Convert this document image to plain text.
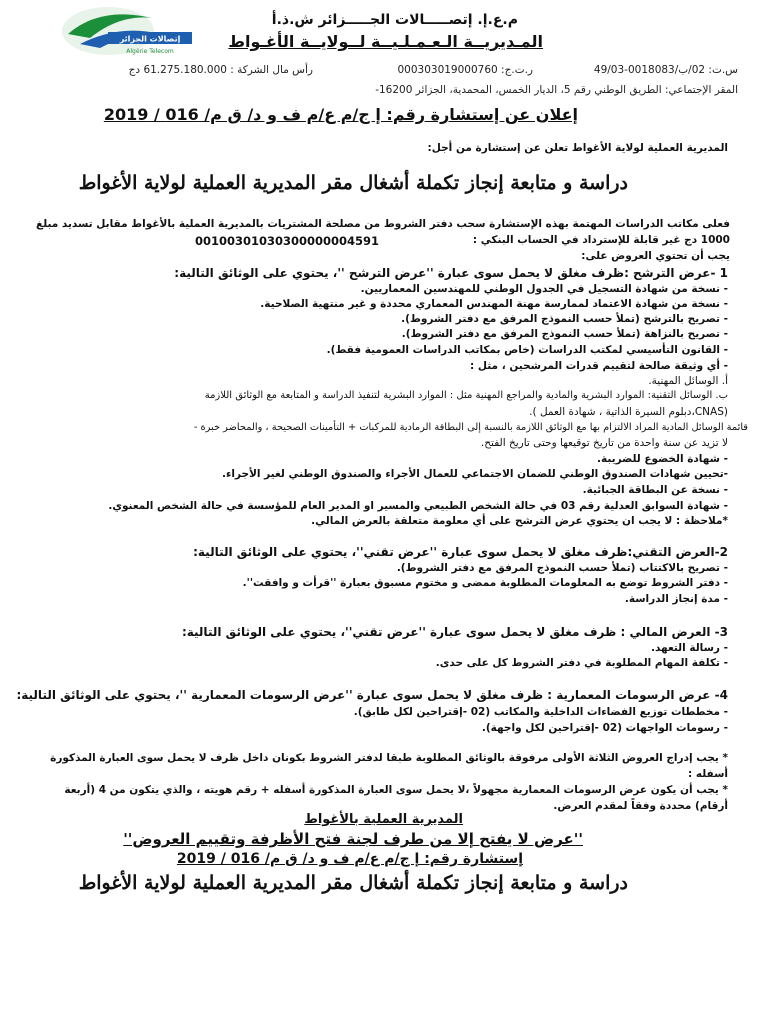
إتصالات الجزائر
Algérie Telecom
م.ع.إ. إتصـــــالات الجـــــزائر ش.ذ.أ
المـديريــة الـعـمـلـيــة لــولايــة الأغـواط
س.ت: 02/ب/0018083-49/03
ر.ت.ج: 000303019000760
رأس مال الشركة : 61.275.180.000 دج
المقر الإجتماعي: الطريق الوطني رقم 5، الديار الخمس، المحمدية، الجزائر 16200-
إعلان عن إستشارة رقم: إ ج/م ع/م ف و د/ ق م/ 016 / 2019
المديرية العملية لولاية الأغواط تعلن عن إستشارة من أجل:
دراسة و متابعة إنجاز تكملة أشغال مقر المديرية العملية لولاية الأغواط
فعلى مكاتب الدراسات المهتمة بهذه الإستشارة سحب دفتر الشروط من مصلحة المشتريات بالمديرية العملية بالأغواط مقابل تسديد مبلغ
1000 دج غير قابلة للإسترداد في الحساب البنكي :
00100301030300000004591
يجب أن تحتوي العروض على:
1 -عرض الترشح :ظرف مغلق لا يحمل سوى عبارة ''عرض الترشح ''، يحتوي على الوثائق التالية:
- نسخة من شهادة التسجيل في الجدول الوطني للمهندسين المعماريين.
- نسخة من شهادة الاعتماد لممارسة مهنة المهندس المعماري محددة و غير منتهية الصلاحية.
- تصريح بالترشح (تملأ حسب النموذج المرفق مع دفتر الشروط).
- تصريح بالنزاهة (تملأ حسب النموذج المرفق مع دفتر الشروط).
- القانون التأسيسي لمكتب الدراسات (خاص بمكاتب الدراسات العمومية فقط).
- أي وثيقة صالحة لتقييم قدرات المرشحين ، مثل :
أ. الوسائل المهنية.
ب. الوسائل التقنية: الموارد البشرية والمادية والمراجع المهنية مثل : الموارد البشرية لتنفيذ الدراسة و المتابعة مع الوثائق اللازمة
(CNAS،دبلوم السيرة الذاتية ، شهادة العمل ).
قائمة الوسائل المادية المراد الالتزام بها مع الوثائق اللازمة بالنسبة إلى البطاقة الرمادية للمركبات + التأمينات الصحيحة ، والمحاضر خبرة -
لا تزيد عن سنة واحدة من تاريخ توقيعها وحتى تاريخ الفتح.
- شهادة الخضوع للضريبة.
-تحيين شهادات الصندوق الوطني للضمان الاجتماعي للعمال الأجراء والصندوق الوطني لغير الأجراء.
- نسخة عن البطاقة الجبائية.
- شهادة السوابق العدلية رقم 03 في حالة الشخص الطبيعي والمسير او المدير العام للمؤسسة في حالة الشخص المعنوي.
*ملاحظة : لا يجب ان يحتوي عرض الترشح على أي معلومة متعلقة بالعرض المالي.
2-العرض التقني:ظرف مغلق لا يحمل سوى عبارة ''عرض تقني''، يحتوي على الوثائق التالية:
- تصريح بالاكتتاب (تملأ حسب النموذج المرفق مع دفتر الشروط).
- دفتر الشروط توضع به المعلومات المطلوبة ممضى و مختوم مسبوق بعبارة ''قرأت و وافقت''.
- مدة إنجاز الدراسة.
3- العرض المالي : ظرف مغلق لا يحمل سوى عبارة ''عرض تقني''، يحتوي على الوثائق التالية:
- رسالة التعهد.
- تكلفة المهام المطلوبة في دفتر الشروط كل على حدى.
4- عرض الرسومات المعمارية : ظرف مغلق لا يحمل سوى عبارة ''عرض الرسومات المعمارية ''، يحتوي على الوثائق التالية:
- مخططات توزيع الفضاءات الداخلية والمكاتب (02 -إقتراحين لكل طابق).
- رسومات الواجهات (02 -إقتراحين لكل واجهة).
* يجب إدراج العروض الثلاثة الأولى مرفوقة بالوثائق المطلوبة طبقا لدفتر الشروط بكونان داخل ظرف لا يحمل سوى العبارة المذكورة
أسفله :
* يجب أن يكون عرض الرسومات المعمارية مجهولاً ،لا يحمل سوى العبارة المذكورة أسفله + رقم هويته ، والذي يتكون من 4 (أربعة
أرقام) محددة وفقاً لمقدم العرض.
المديرية العملية بالأغواط
''عرض لا يفتح إلا من طرف لجنة فتح الأظرفة وتقييم العروض''
إستشارة رقم: إ ج/م ع/م ف و د/ ق م/ 016 / 2019
دراسة و متابعة إنجاز تكملة أشغال مقر المديرية العملية لولاية الأغواط
